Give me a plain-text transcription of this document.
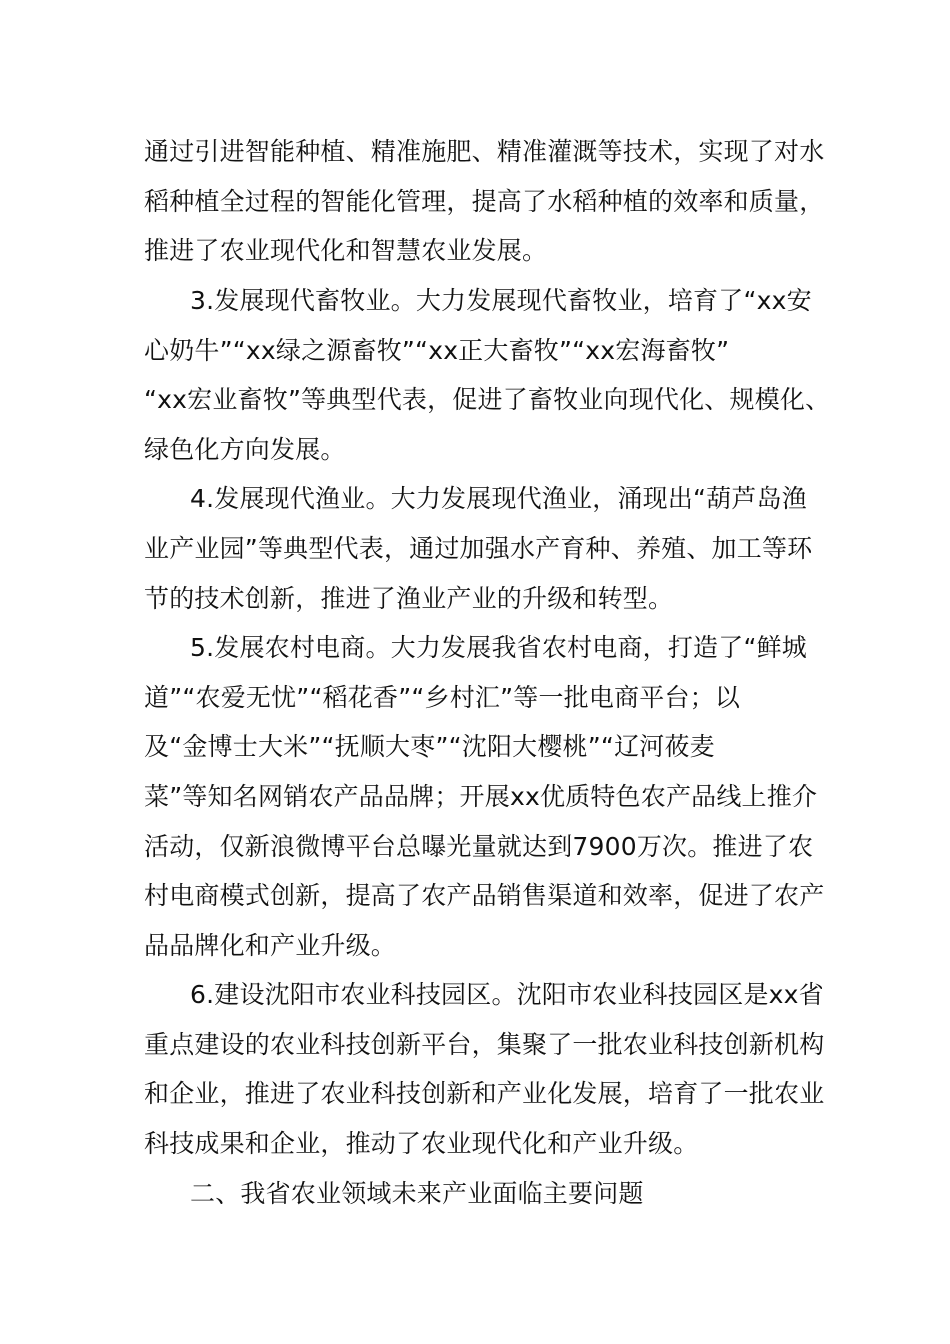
通过引进智能种植、精准施肥、精准灌溉等技术，实现了对水
稻种植全过程的智能化管理，提高了水稻种植的效率和质量，
推进了农业现代化和智慧农业发展。
3.发展现代畜牧业。大力发展现代畜牧业，培育了“xx安
心奶牛”“xx绿之源畜牧”“xx正大畜牧”“xx宏海畜牧”
“xx宏业畜牧”等典型代表，促进了畜牧业向现代化、规模化、
绿色化方向发展。
4.发展现代渔业。大力发展现代渔业，涌现出“葫芦岛渔
业产业园”等典型代表，通过加强水产育种、养殖、加工等环
节的技术创新，推进了渔业产业的升级和转型。
5.发展农村电商。大力发展我省农村电商，打造了“鲜城
道”“农爱无忧”“稻花香”“乡村汇”等一批电商平台；以
及“金博士大米”“抚顺大枣”“沈阳大樱桃”“辽河莜麦
菜”等知名网销农产品品牌；开展xx优质特色农产品线上推介
活动，仅新浪微博平台总曝光量就达到7900万次。推进了农
村电商模式创新，提高了农产品销售渠道和效率，促进了农产
品品牌化和产业升级。
6.建设沈阳市农业科技园区。沈阳市农业科技园区是xx省
重点建设的农业科技创新平台，集聚了一批农业科技创新机构
和企业，推进了农业科技创新和产业化发展，培育了一批农业
科技成果和企业，推动了农业现代化和产业升级。
二、我省农业领域未来产业面临主要问题
